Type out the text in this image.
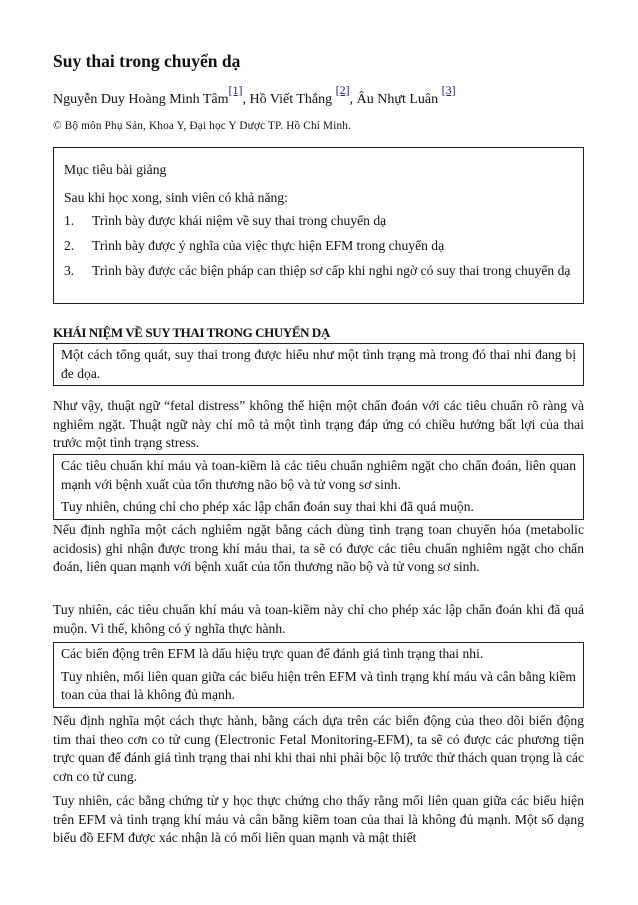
Suy thai trong chuyển dạ
Nguyễn Duy Hoàng Minh Tâm[1], Hồ Viết Thắng [2], Âu Nhựt Luân [3]
© Bộ môn Phụ Sản, Khoa Y, Đại học Y Dược TP. Hồ Chí Minh.
Mục tiêu bài giảng
Sau khi học xong, sinh viên có khả năng:
1. Trình bày được khái niệm về suy thai trong chuyển dạ
2. Trình bày được ý nghĩa của việc thực hiện EFM trong chuyển dạ
3. Trình bày được các biện pháp can thiệp sơ cấp khi nghi ngờ có suy thai trong chuyển dạ
KHÁI NIỆM VỀ SUY THAI TRONG CHUYỂN DẠ

Một cách tổng quát, suy thai trong được hiểu như một tình trạng mà trong đó thai nhi đang bị đe dọa.

Như vậy, thuật ngữ “fetal distress” không thể hiện một chẩn đoán với các tiêu chuẩn rõ ràng và nghiêm ngặt. Thuật ngữ này chỉ mô tả một tình trạng đáp ứng có chiều hướng bất lợi của thai trước một tình trạng stress.

Các tiêu chuẩn khí máu và toan-kiềm là các tiêu chuẩn nghiêm ngặt cho chẩn đoán, liên quan mạnh với bệnh xuất của tổn thương não bộ và tử vong sơ sinh.

Tuy nhiên, chúng chỉ cho phép xác lập chẩn đoán suy thai khi đã quá muộn.

Nếu định nghĩa một cách nghiêm ngặt bằng cách dùng tình trạng toan chuyển hóa (metabolic acidosis) ghi nhận được trong khí máu thai, ta sẽ có được các tiêu chuẩn nghiêm ngặt cho chẩn đoán, liên quan mạnh với bệnh xuất của tổn thương não bộ và tử vong sơ sinh.
Tuy nhiên, các tiêu chuẩn khí máu và toan-kiềm này chỉ cho phép xác lập chẩn đoán khi đã quá muộn. Vì thế, không có ý nghĩa thực hành.

Các biến động trên EFM là dấu hiệu trực quan để đánh giá tình trạng thai nhi.

Tuy nhiên, mối liên quan giữa các biểu hiện trên EFM và tình trạng khí máu và cân bằng kiềm toan của thai là không đủ mạnh.

Nếu định nghĩa một cách thực hành, bằng cách dựa trên các biến động của theo dõi biến động tim thai theo cơn co tử cung (Electronic Fetal Monitoring-EFM), ta sẽ có được các phương tiện trực quan để đánh giá tình trạng thai nhi khi thai nhi phải bộc lộ trước thử thách quan trọng là các cơn co tử cung.
Tuy nhiên, các bằng chứng từ y học thực chứng cho thấy rằng mối liên quan giữa các biểu hiện trên EFM và tình trạng khí máu và cân bằng kiềm toan của thai là không đủ mạnh. Một số dạng biểu đồ EFM được xác nhận là có mối liên quan mạnh và mật thiết
